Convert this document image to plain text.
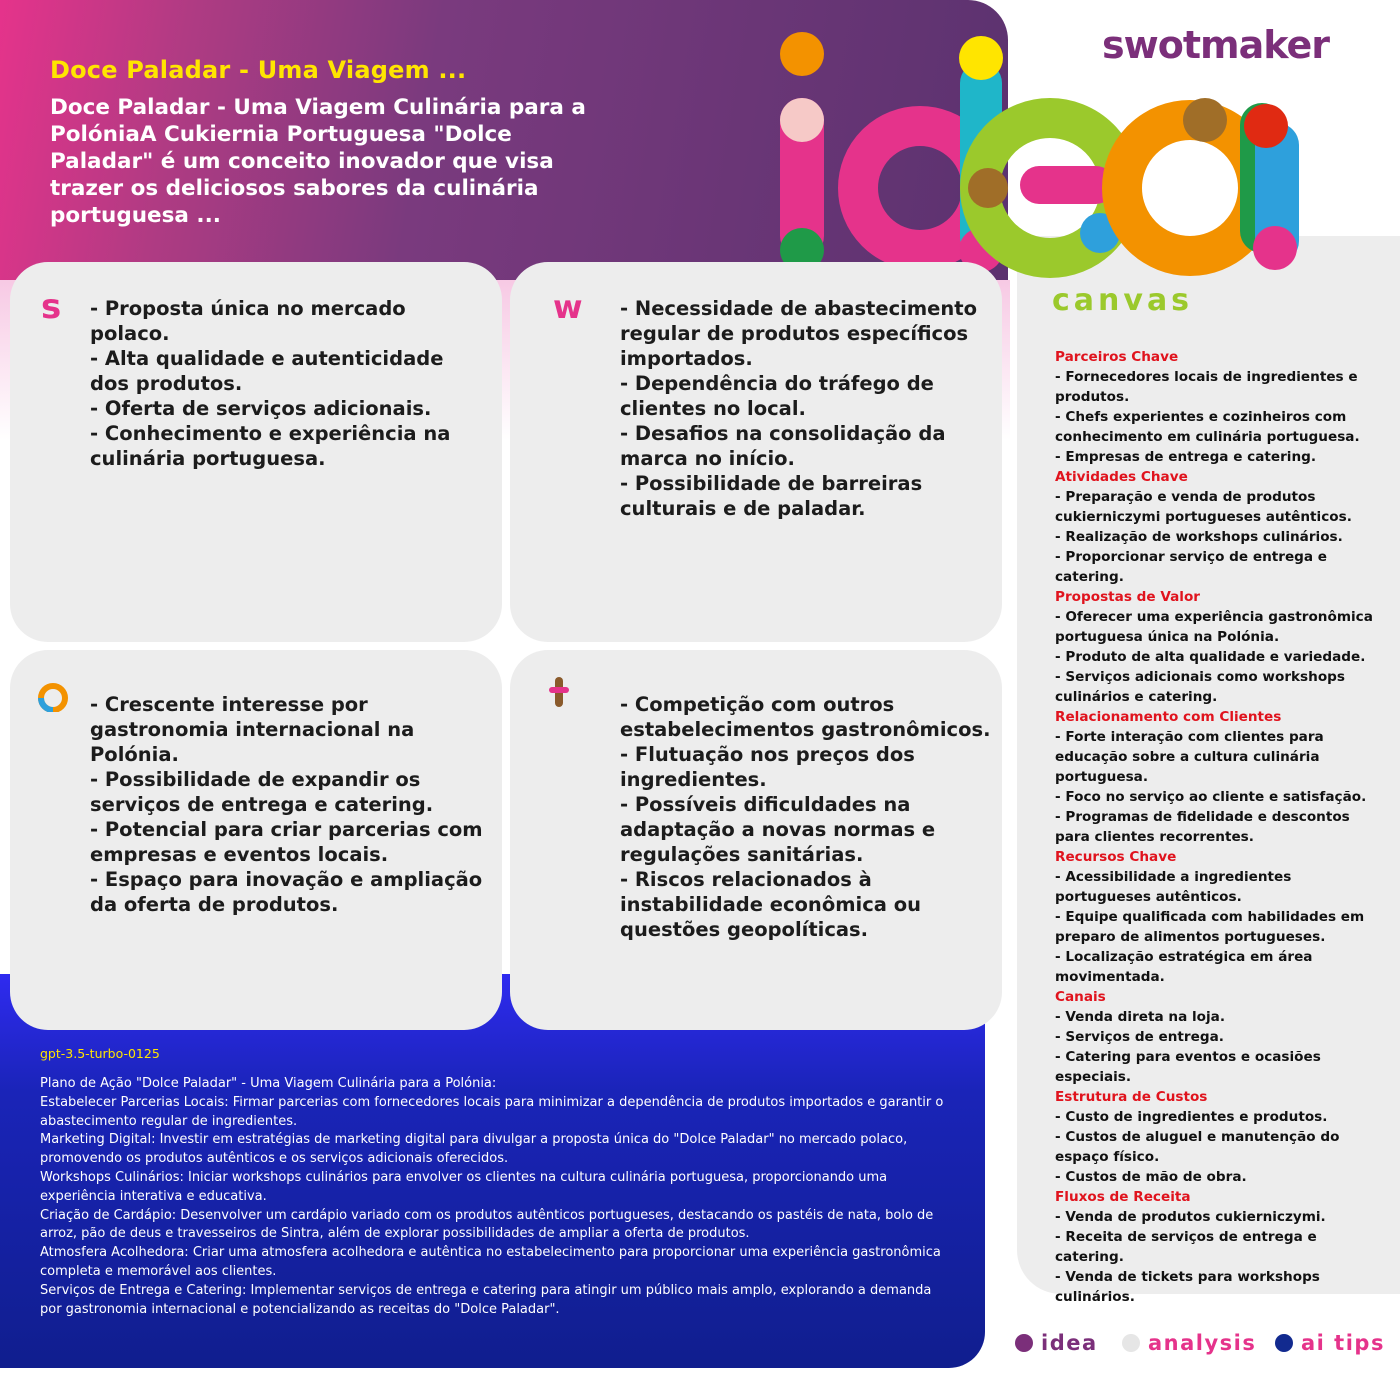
Doce Paladar - Uma Viagem ...
Doce Paladar - Uma Viagem Culinária para a PolóniaA Cukiernia Portuguesa "Dolce Paladar" é um conceito inovador que visa trazer os deliciosos sabores da culinária portuguesa ...
gpt-3.5-turbo-0125
Plano de Ação "Dolce Paladar" - Uma Viagem Culinária para a Polónia:
Estabelecer Parcerias Locais: Firmar parcerias com fornecedores locais para minimizar a dependência de produtos importados e garantir o abastecimento regular de ingredientes.
Marketing Digital: Investir em estratégias de marketing digital para divulgar a proposta única do "Dolce Paladar" no mercado polaco, promovendo os produtos autênticos e os serviços adicionais oferecidos.
Workshops Culinários: Iniciar workshops culinários para envolver os clientes na cultura culinária portuguesa, proporcionando uma experiência interativa e educativa.
Criação de Cardápio: Desenvolver um cardápio variado com os produtos autênticos portugueses, destacando os pastéis de nata, bolo de arroz, pão de deus e travesseiros de Sintra, além de explorar possibilidades de ampliar a oferta de produtos.
Atmosfera Acolhedora: Criar uma atmosfera acolhedora e autêntica no estabelecimento para proporcionar uma experiência gastronômica completa e memorável aos clientes.
Serviços de Entrega e Catering: Implementar serviços de entrega e catering para atingir um público mais amplo, explorando a demanda por gastronomia internacional e potencializando as receitas do "Dolce Paladar".
canvas
swotmaker
Parceiros Chave
- Fornecedores locais de ingredientes e produtos.
- Chefs experientes e cozinheiros com conhecimento em culinária portuguesa.
- Empresas de entrega e catering.
Atividades Chave
- Preparação e venda de produtos cukierniczymi portugueses autênticos.
- Realização de workshops culinários.
- Proporcionar serviço de entrega e catering.
Propostas de Valor
- Oferecer uma experiência gastronômica portuguesa única na Polónia.
- Produto de alta qualidade e variedade.
- Serviços adicionais como workshops culinários e catering.
Relacionamento com Clientes
- Forte interação com clientes para educação sobre a cultura culinária portuguesa.
- Foco no serviço ao cliente e satisfação.
- Programas de fidelidade e descontos para clientes recorrentes.
Recursos Chave
- Acessibilidade a ingredientes portugueses autênticos.
- Equipe qualificada com habilidades em preparo de alimentos portugueses.
- Localização estratégica em área movimentada.
Canais
- Venda direta na loja.
- Serviços de entrega.
- Catering para eventos e ocasiões especiais.
Estrutura de Custos
- Custo de ingredientes e produtos.
- Custos de aluguel e manutenção do espaço físico.
- Custos de mão de obra.
Fluxos de Receita
- Venda de produtos cukierniczymi.
- Receita de serviços de entrega e catering.
- Venda de tickets para workshops culinários.
s - Proposta única no mercado polaco.
- Alta qualidade e autenticidade dos produtos.
- Oferta de serviços adicionais.
- Conhecimento e experiência na culinária portuguesa.
w - Necessidade de abastecimento regular de produtos específicos importados.
- Dependência do tráfego de clientes no local.
- Desafios na consolidação da marca no início.
- Possibilidade de barreiras culturais e de paladar.
- Crescente interesse por gastronomia internacional na Polónia.
- Possibilidade de expandir os serviços de entrega e catering.
- Potencial para criar parcerias com empresas e eventos locais.
- Espaço para inovação e ampliação da oferta de produtos.
- Competição com outros estabelecimentos gastronômicos.
- Flutuação nos preços dos ingredientes.
- Possíveis dificuldades na adaptação a novas normas e regulações sanitárias.
- Riscos relacionados à instabilidade econômica ou questões geopolíticas.
idea analysis ai tips
